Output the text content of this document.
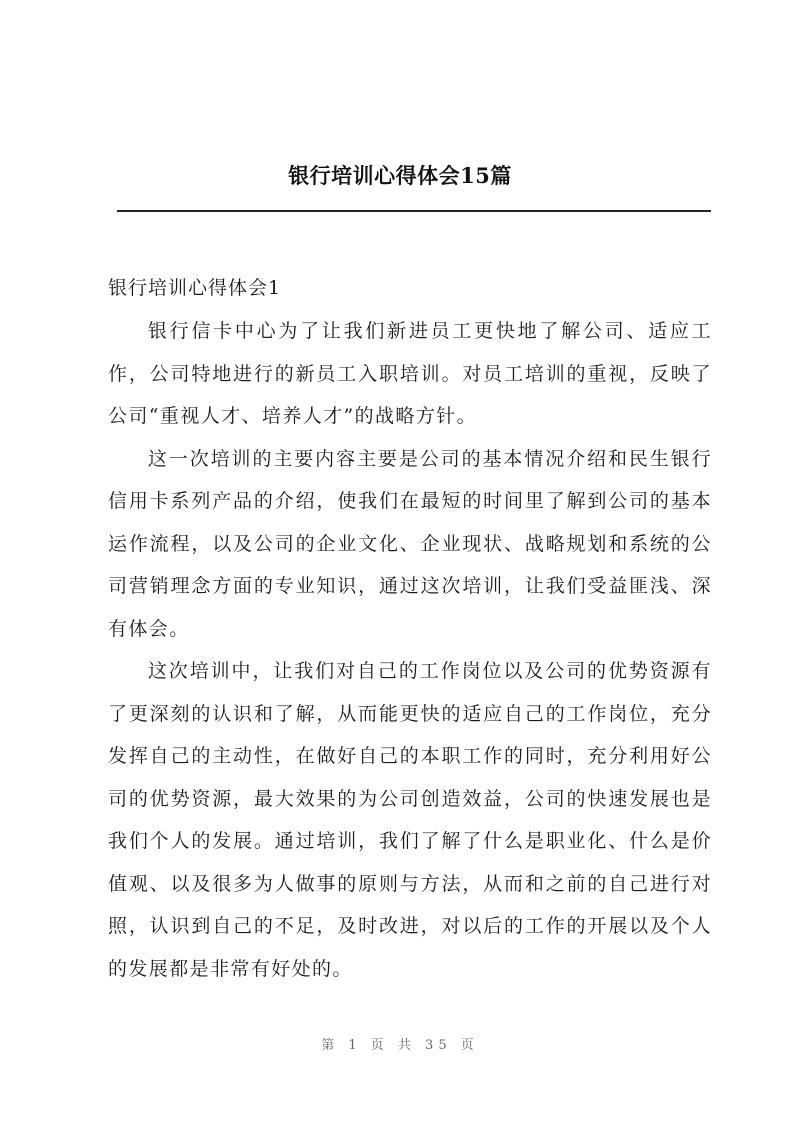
银行培训心得体会15篇
银行培训心得体会1

银行信卡中心为了让我们新进员工更快地了解公司、适应工作，公司特地进行的新员工入职培训。对员工培训的重视，反映了公司“重视人才、培养人才”的战略方针。

这一次培训的主要内容主要是公司的基本情况介绍和民生银行信用卡系列产品的介绍，使我们在最短的时间里了解到公司的基本运作流程，以及公司的企业文化、企业现状、战略规划和系统的公司营销理念方面的专业知识，通过这次培训，让我们受益匪浅、深有体会。

这次培训中，让我们对自己的工作岗位以及公司的优势资源有了更深刻的认识和了解，从而能更快的适应自己的工作岗位，充分发挥自己的主动性，在做好自己的本职工作的同时，充分利用好公司的优势资源，最大效果的为公司创造效益，公司的快速发展也是我们个人的发展。通过培训，我们了解了什么是职业化、什么是价值观、以及很多为人做事的原则与方法，从而和之前的自己进行对照，认识到自己的不足，及时改进，对以后的工作的开展以及个人的发展都是非常有好处的。

第 1 页 共 35 页
